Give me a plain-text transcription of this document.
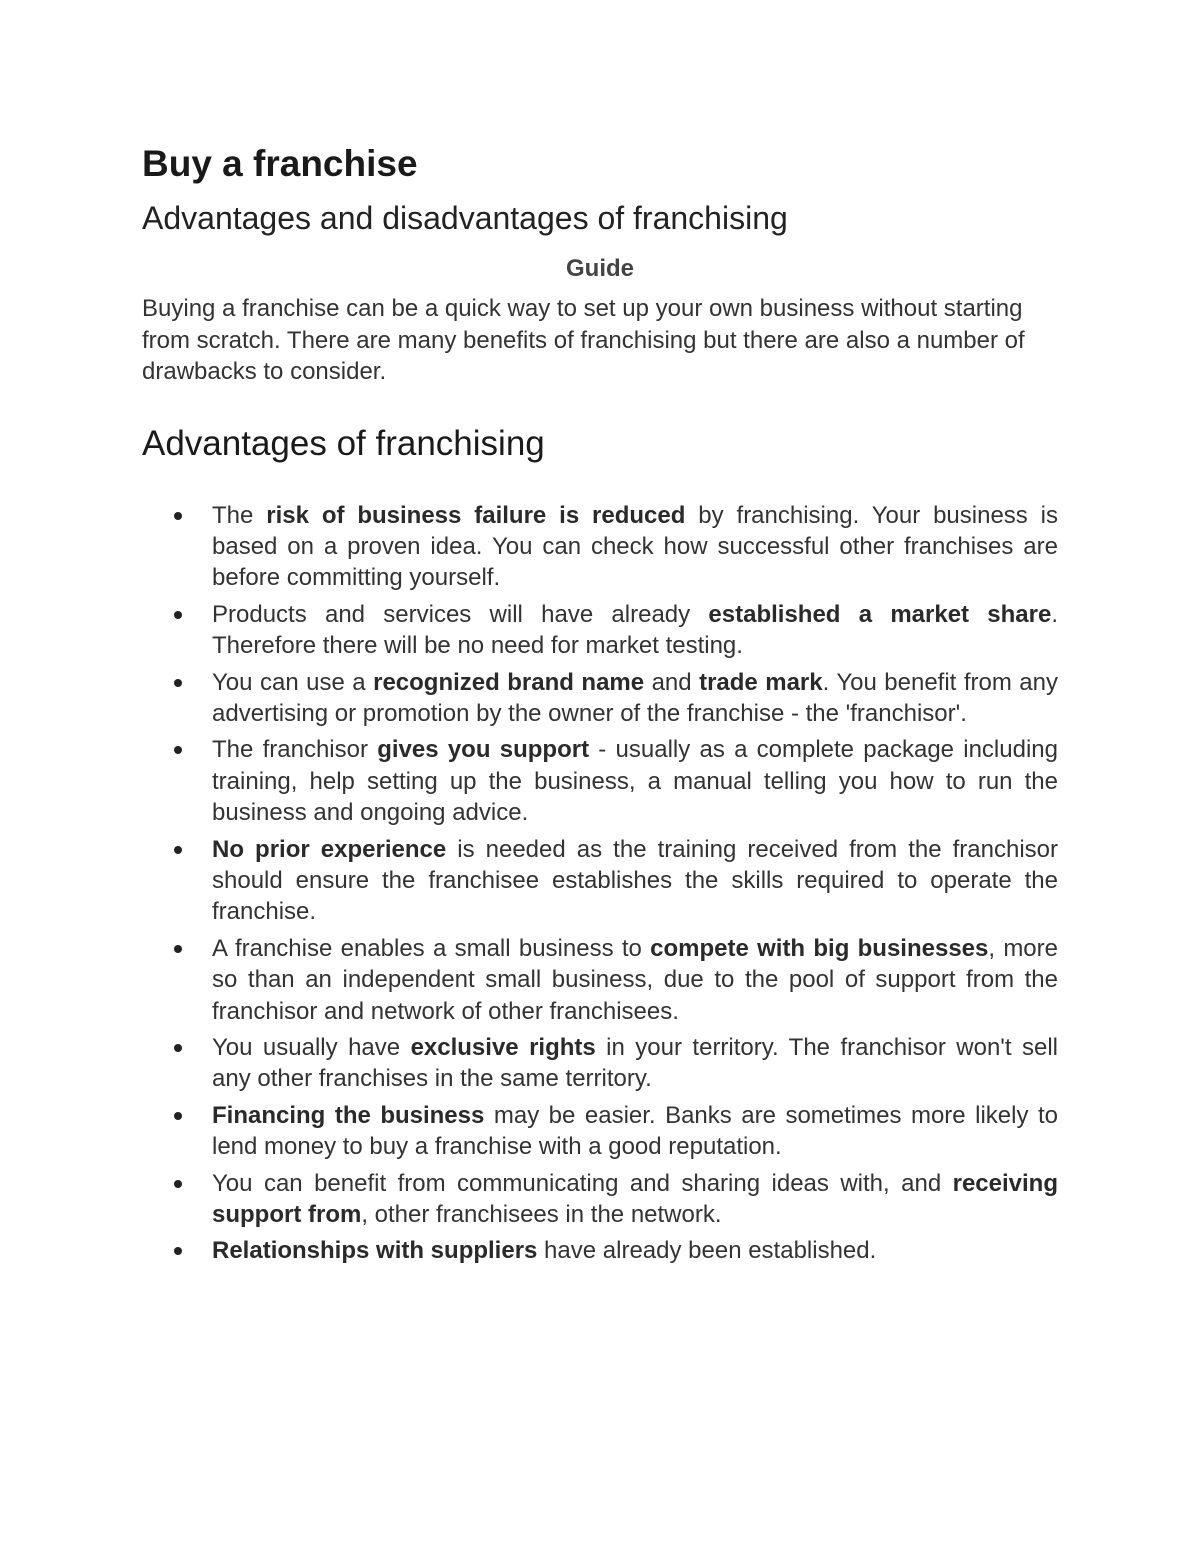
Buy a franchise

Advantages and disadvantages of franchising

Guide

Buying a franchise can be a quick way to set up your own business without starting from scratch. There are many benefits of franchising but there are also a number of drawbacks to consider.

Advantages of franchising
The risk of business failure is reduced by franchising. Your business is based on a proven idea. You can check how successful other franchises are before committing yourself.
Products and services will have already established a market share. Therefore there will be no need for market testing.
You can use a recognized brand name and trade mark. You benefit from any advertising or promotion by the owner of the franchise - the 'franchisor'.
The franchisor gives you support - usually as a complete package including training, help setting up the business, a manual telling you how to run the business and ongoing advice.
No prior experience is needed as the training received from the franchisor should ensure the franchisee establishes the skills required to operate the franchise.
A franchise enables a small business to compete with big businesses, more so than an independent small business, due to the pool of support from the franchisor and network of other franchisees.
You usually have exclusive rights in your territory. The franchisor won't sell any other franchises in the same territory.
Financing the business may be easier. Banks are sometimes more likely to lend money to buy a franchise with a good reputation.
You can benefit from communicating and sharing ideas with, and receiving support from, other franchisees in the network.
Relationships with suppliers have already been established.
